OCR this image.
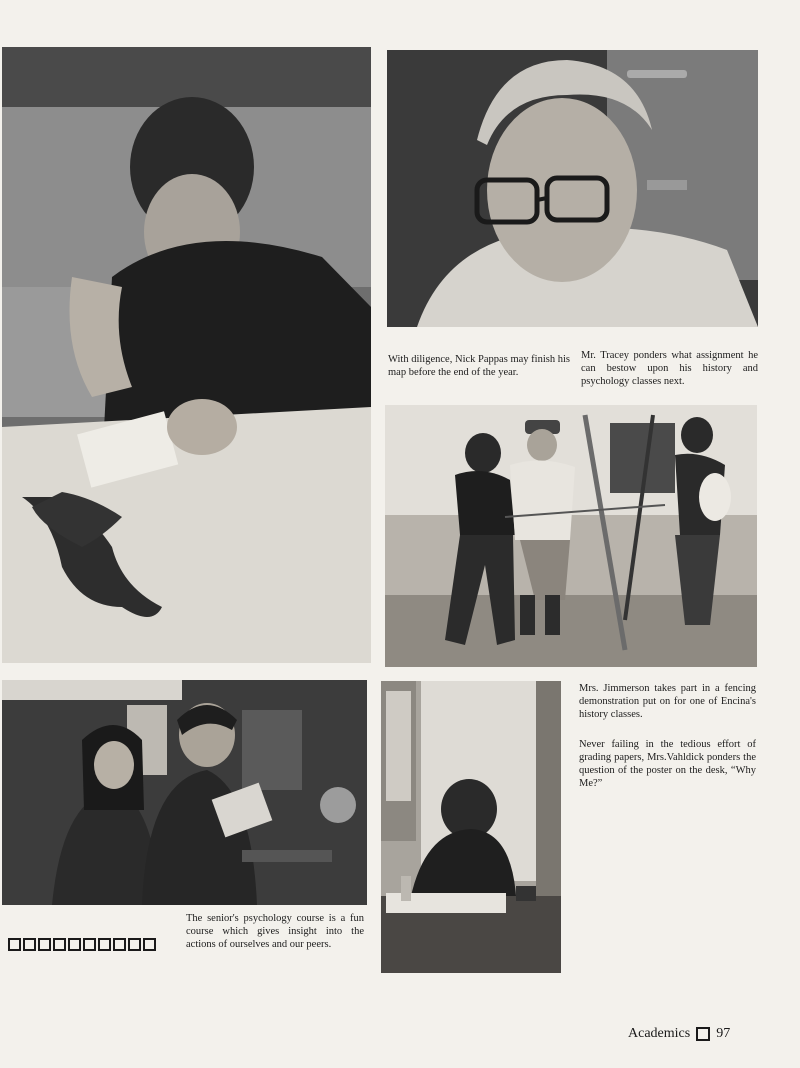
With diligence, Nick Pappas may finish his map before the end of the year.
Mr. Tracey ponders what assignment he can bestow upon his history and psychology classes next.
Mrs. Jimmerson takes part in a fencing demonstration put on for one of Encina's history classes.
Never failing in the tedious effort of grading papers, Mrs.Vahldick ponders the question of the poster on the desk, “Why Me?”
The senior's psychology course is a fun course which gives insight into the actions of ourselves and our peers.
Academics 97
